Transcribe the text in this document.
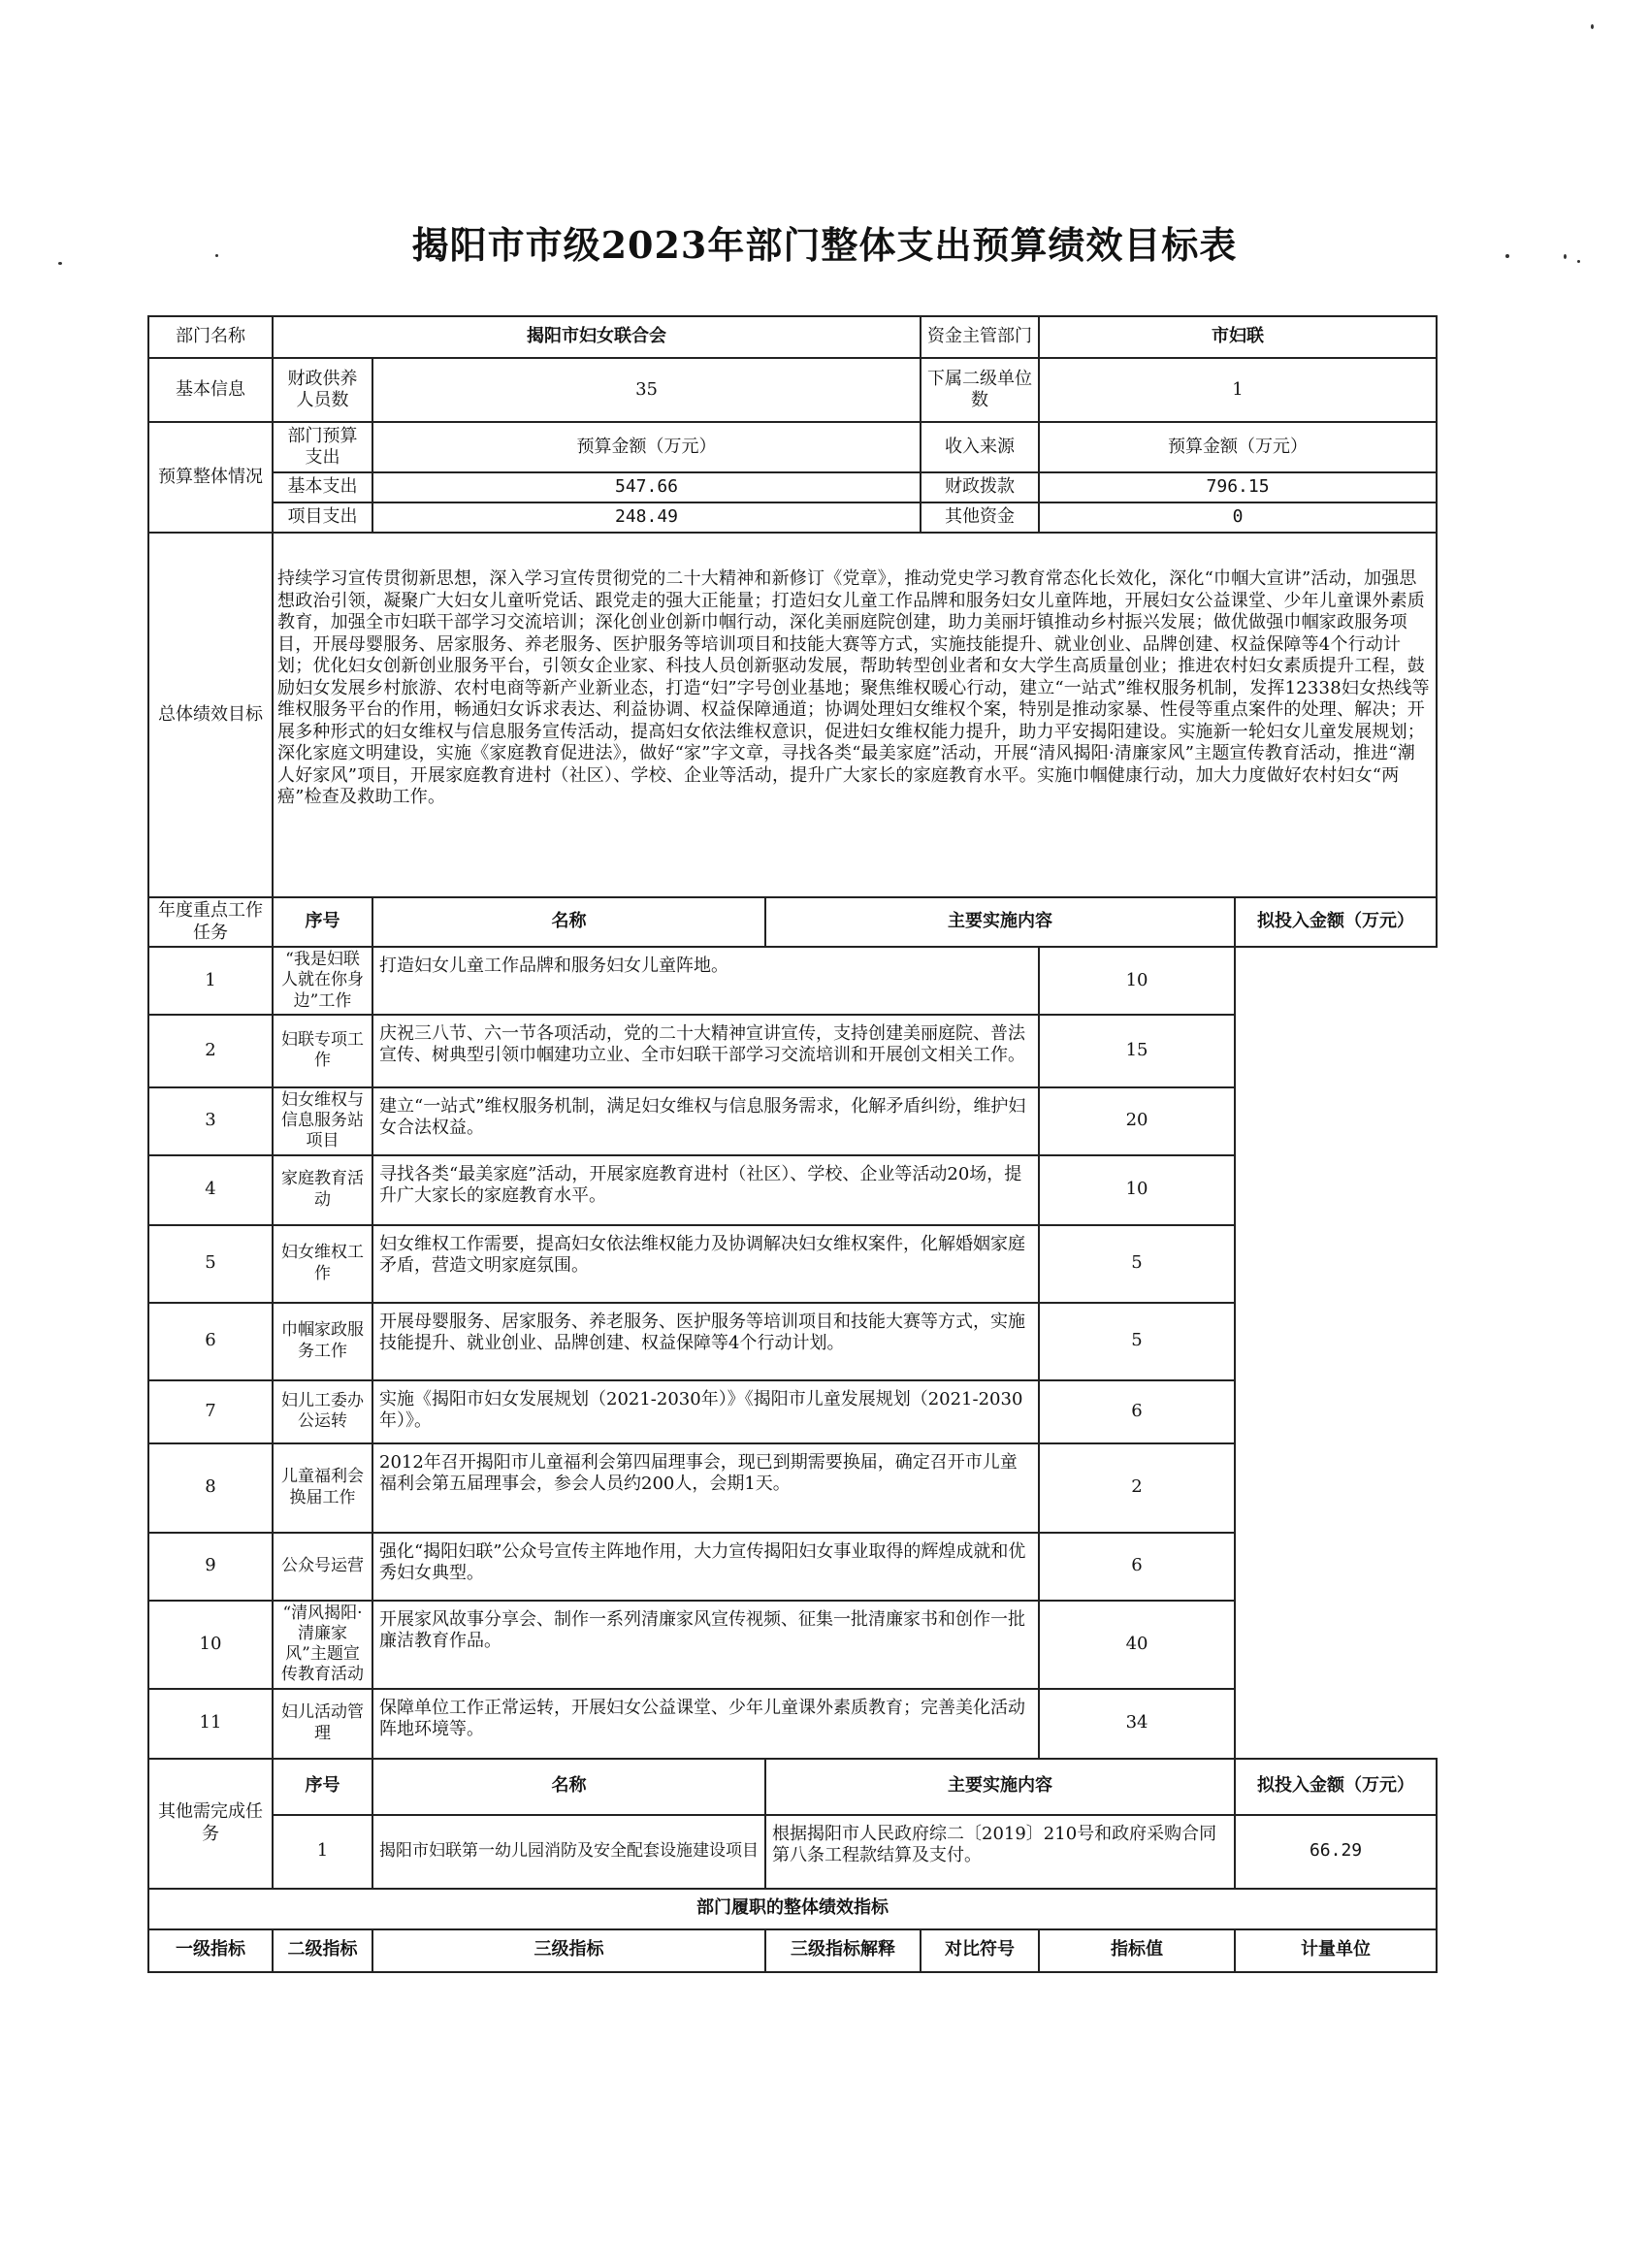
揭阳市市级2023年部门整体支出预算绩效目标表
部门名称	揭阳市妇女联合会			资金主管部门	市妇联	
基本信息	财政供养人员数	35		下属二级单位数	1	
预算整体情况	部门预算支出	预算金额（万元）		收入来源	预算金额（万元）	
	基本支出	547.66		财政拨款	796.15	
	项目支出	248.49		其他资金	0	
总体绩效目标	持续学习宣传贯彻新思想，深入学习宣传贯彻党的二十大精神和新修订《党章》，推动党史学习教育常态化长效化，深化“巾帼大宣讲”活动，加强思想政治引领，凝聚广大妇女儿童听党话、跟党走的强大正能量；打造妇女儿童工作品牌和服务妇女儿童阵地，开展妇女公益课堂、少年儿童课外素质教育，加强全市妇联干部学习交流培训；深化创业创新巾帼行动，深化美丽庭院创建，助力美丽圩镇推动乡村振兴发展；做优做强巾帼家政服务项目，开展母婴服务、居家服务、养老服务、医护服务等培训项目和技能大赛等方式，实施技能提升、就业创业、品牌创建、权益保障等4个行动计划；优化妇女创新创业服务平台，引领女企业家、科技人员创新驱动发展，帮助转型创业者和女大学生高质量创业；推进农村妇女素质提升工程，鼓励妇女发展乡村旅游、农村电商等新产业新业态，打造“妇”字号创业基地；聚焦维权暖心行动，建立“一站式”维权服务机制，发挥12338妇女热线等维权服务平台的作用，畅通妇女诉求表达、利益协调、权益保障通道；协调处理妇女维权个案，特别是推动家暴、性侵等重点案件的处理、解决；开展多种形式的妇女维权与信息服务宣传活动，提高妇女依法维权意识，促进妇女维权能力提升，助力平安揭阳建设。实施新一轮妇女儿童发展规划；深化家庭文明建设，实施《家庭教育促进法》，做好“家”字文章，寻找各类“最美家庭”活动，开展“清风揭阳·清廉家风”主题宣传教育活动，推进“潮人好家风”项目，开展家庭教育进村（社区）、学校、企业等活动，提升广大家长的家庭教育水平。实施巾帼健康行动，加大力度做好农村妇女“两癌”检查及救助工作。					
年度重点工作任务	序号	名称	主要实施内容			拟投入金额（万元）
1	“我是妇联人就在你身边”工作	打造妇女儿童工作品牌和服务妇女儿童阵地。			10	
2	妇联专项工作	庆祝三八节、六一节各项活动，党的二十大精神宣讲宣传，支持创建美丽庭院、普法宣传、树典型引领巾帼建功立业、全市妇联干部学习交流培训和开展创文相关工作。			15	
3	妇女维权与信息服务站项目	建立“一站式”维权服务机制，满足妇女维权与信息服务需求，化解矛盾纠纷，维护妇女合法权益。			20	
4	家庭教育活动	寻找各类“最美家庭”活动，开展家庭教育进村（社区）、学校、企业等活动20场，提升广大家长的家庭教育水平。			10	
5	妇女维权工作	妇女维权工作需要，提高妇女依法维权能力及协调解决妇女维权案件，化解婚姻家庭矛盾，营造文明家庭氛围。			5	
6	巾帼家政服务工作	开展母婴服务、居家服务、养老服务、医护服务等培训项目和技能大赛等方式，实施技能提升、就业创业、品牌创建、权益保障等4个行动计划。			5	
7	妇儿工委办公运转	实施《揭阳市妇女发展规划（2021-2030年）》《揭阳市儿童发展规划（2021-2030年）》。			6	
8	儿童福利会换届工作	2012年召开揭阳市儿童福利会第四届理事会，现已到期需要换届，确定召开市儿童福利会第五届理事会，参会人员约200人，会期1天。			2	
9	公众号运营	强化“揭阳妇联”公众号宣传主阵地作用，大力宣传揭阳妇女事业取得的辉煌成就和优秀妇女典型。			6	
10	“清风揭阳·清廉家风”主题宣传教育活动	开展家风故事分享会、制作一系列清廉家风宣传视频、征集一批清廉家书和创作一批廉洁教育作品。			40	
11	妇儿活动管理	保障单位工作正常运转，开展妇女公益课堂、少年儿童课外素质教育；完善美化活动阵地环境等。			34	
其他需完成任务	序号	名称	主要实施内容			拟投入金额（万元）
	1	揭阳市妇联第一幼儿园消防及安全配套设施建设项目	根据揭阳市人民政府综二〔2019〕210号和政府采购合同第八条工程款结算及支付。			66.29
部门履职的整体绩效指标						
一级指标	二级指标	三级指标	三级指标解释	对比符号	指标值	计量单位
